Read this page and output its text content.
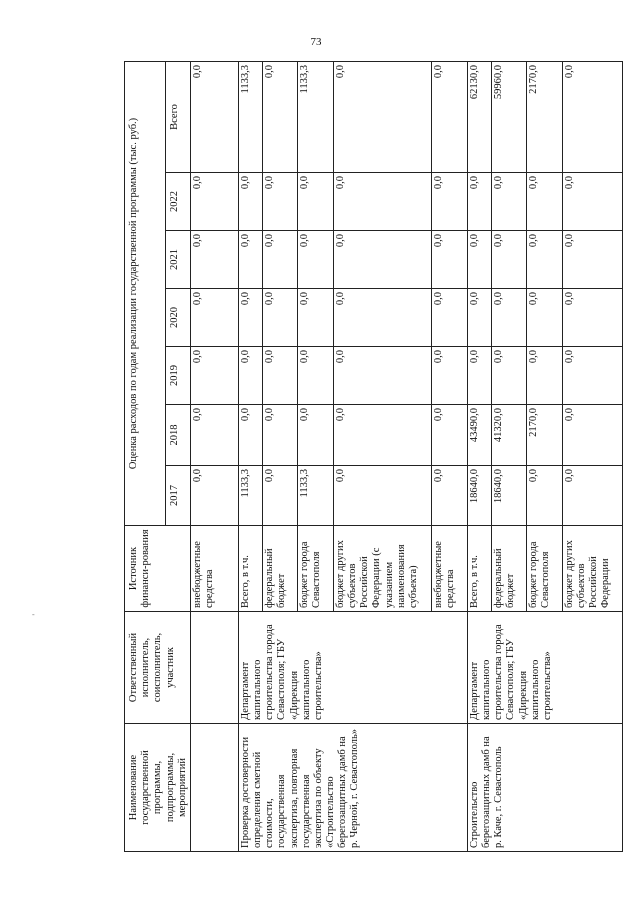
73
-
Наименование государственной программы, подпрограммы, мероприятий	Ответственный исполнитель, соисполнитель, участник	Источник финанси-рования	Оценка расходов по годам реализации государственной программы (тыс. руб.)						
			2017	2018	2019	2020	2021	2022	Всего
		внебюджетные средства	0,0	0,0	0,0	0,0	0,0	0,0	0,0
Проверка достоверности определения сметной стоимости, государственная экспертиза, повторная государственная экспертиза по объекту «Строительство берегозащитных дамб на р. Черной, г. Севастополь»	Департамент капитального строительства города Севастополя; ГБУ «Дирекция капитального строительства»	Всего, в т.ч.	1133,3	0,0	0,0	0,0	0,0	0,0	1133,3
		федеральный бюджет	0,0	0,0	0,0	0,0	0,0	0,0	0,0
		бюджет города Севастополя	1133,3	0,0	0,0	0,0	0,0	0,0	1133,3
		бюджет других субъектов Российской Федерации (с указанием наименования субъекта)	0,0	0,0	0,0	0,0	0,0	0,0	0,0
		внебюджетные средства	0,0	0,0	0,0	0,0	0,0	0,0	0,0
Строительство берегозащитных дамб на р. Каче, г. Севастополь	Департамент капитального строительства города Севастополя; ГБУ «Дирекция капитального строительства»	Всего, в т.ч.	18640,0	43490,0	0,0	0,0	0,0	0,0	62130,0
		федеральный бюджет	18640,0	41320,0	0,0	0,0	0,0	0,0	59960,0
		бюджет города Севастополя	0,0	2170,0	0,0	0,0	0,0	0,0	2170,0
		бюджет других субъектов Российской Федерации	0,0	0,0	0,0	0,0	0,0	0,0	0,0
